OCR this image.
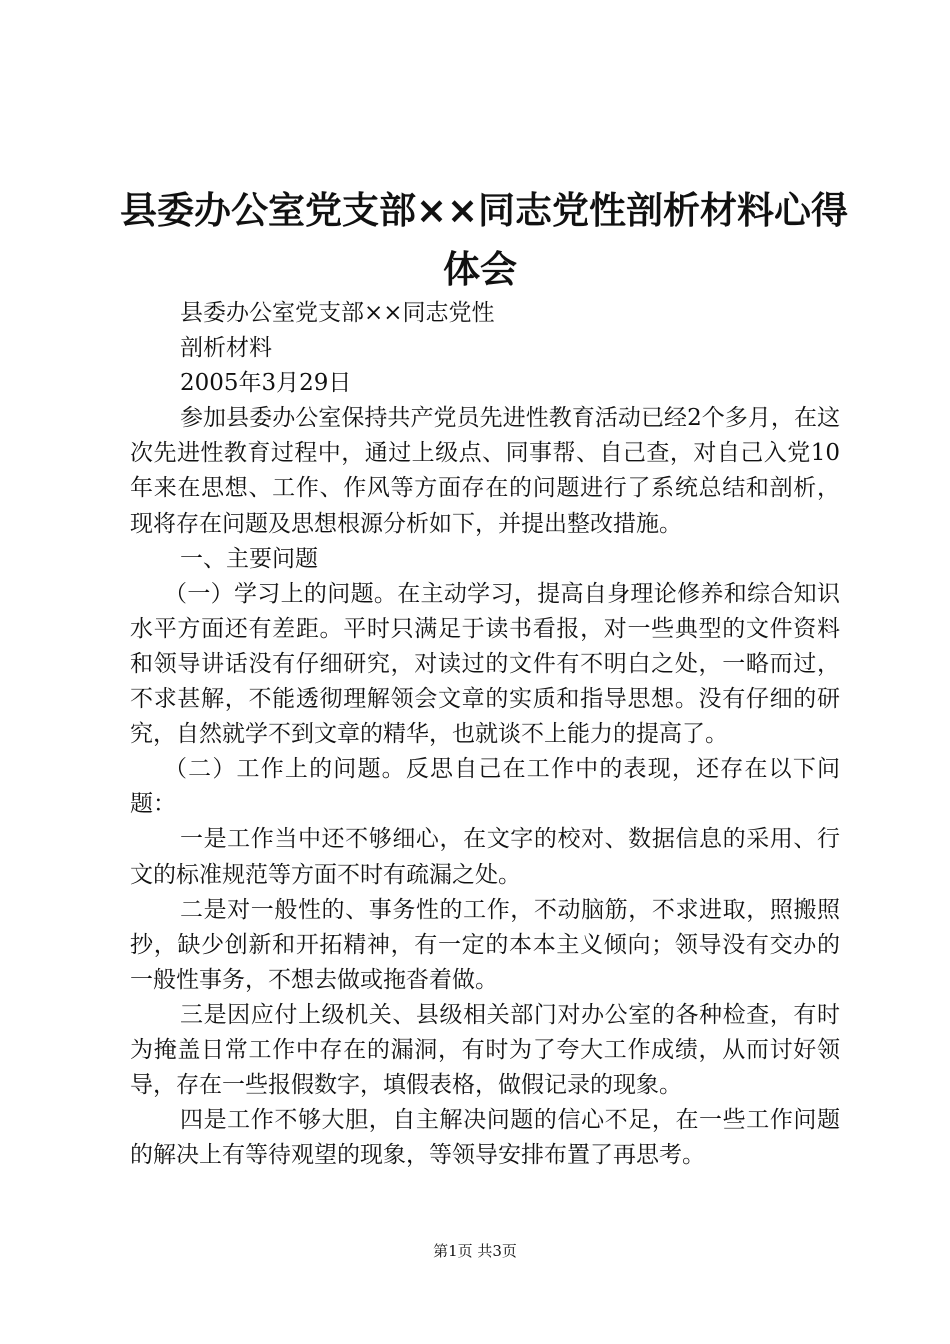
县委办公室党支部××同志党性剖析材料心得
体会

县委办公室党支部××同志党性

剖析材料

2005年3月29日

参加县委办公室保持共产党员先进性教育活动已经2个多月，在这次先进性教育过程中，通过上级点、同事帮、自己查，对自己入党10年来在思想、工作、作风等方面存在的问题进行了系统总结和剖析，现将存在问题及思想根源分析如下，并提出整改措施。

一、主要问题

（一）学习上的问题。在主动学习，提高自身理论修养和综合知识水平方面还有差距。平时只满足于读书看报，对一些典型的文件资料和领导讲话没有仔细研究，对读过的文件有不明白之处，一略而过，不求甚解，不能透彻理解领会文章的实质和指导思想。没有仔细的研究，自然就学不到文章的精华，也就谈不上能力的提高了。

（二）工作上的问题。反思自己在工作中的表现，还存在以下问题：

一是工作当中还不够细心，在文字的校对、数据信息的采用、行文的标准规范等方面不时有疏漏之处。

二是对一般性的、事务性的工作，不动脑筋，不求进取，照搬照抄，缺少创新和开拓精神，有一定的本本主义倾向；领导没有交办的一般性事务，不想去做或拖沓着做。

三是因应付上级机关、县级相关部门对办公室的各种检查，有时为掩盖日常工作中存在的漏洞，有时为了夸大工作成绩，从而讨好领导，存在一些报假数字，填假表格，做假记录的现象。

四是工作不够大胆，自主解决问题的信心不足，在一些工作问题的解决上有等待观望的现象，等领导安排布置了再思考。

第1页 共3页
